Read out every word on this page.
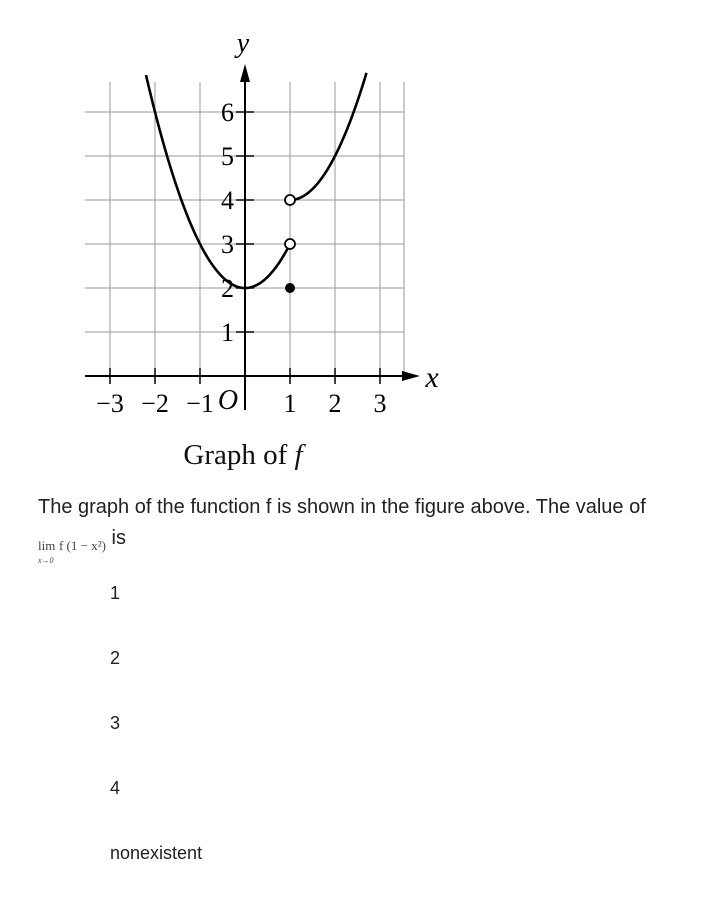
−3 −2 −1	1 2 3
1
2
3
4
5
6
O
y
x
Graph of f
The graph of the function f is shown in the figure above. The value of lim
x→0
f (1 − x²) is
1
2
3
4
nonexistent
